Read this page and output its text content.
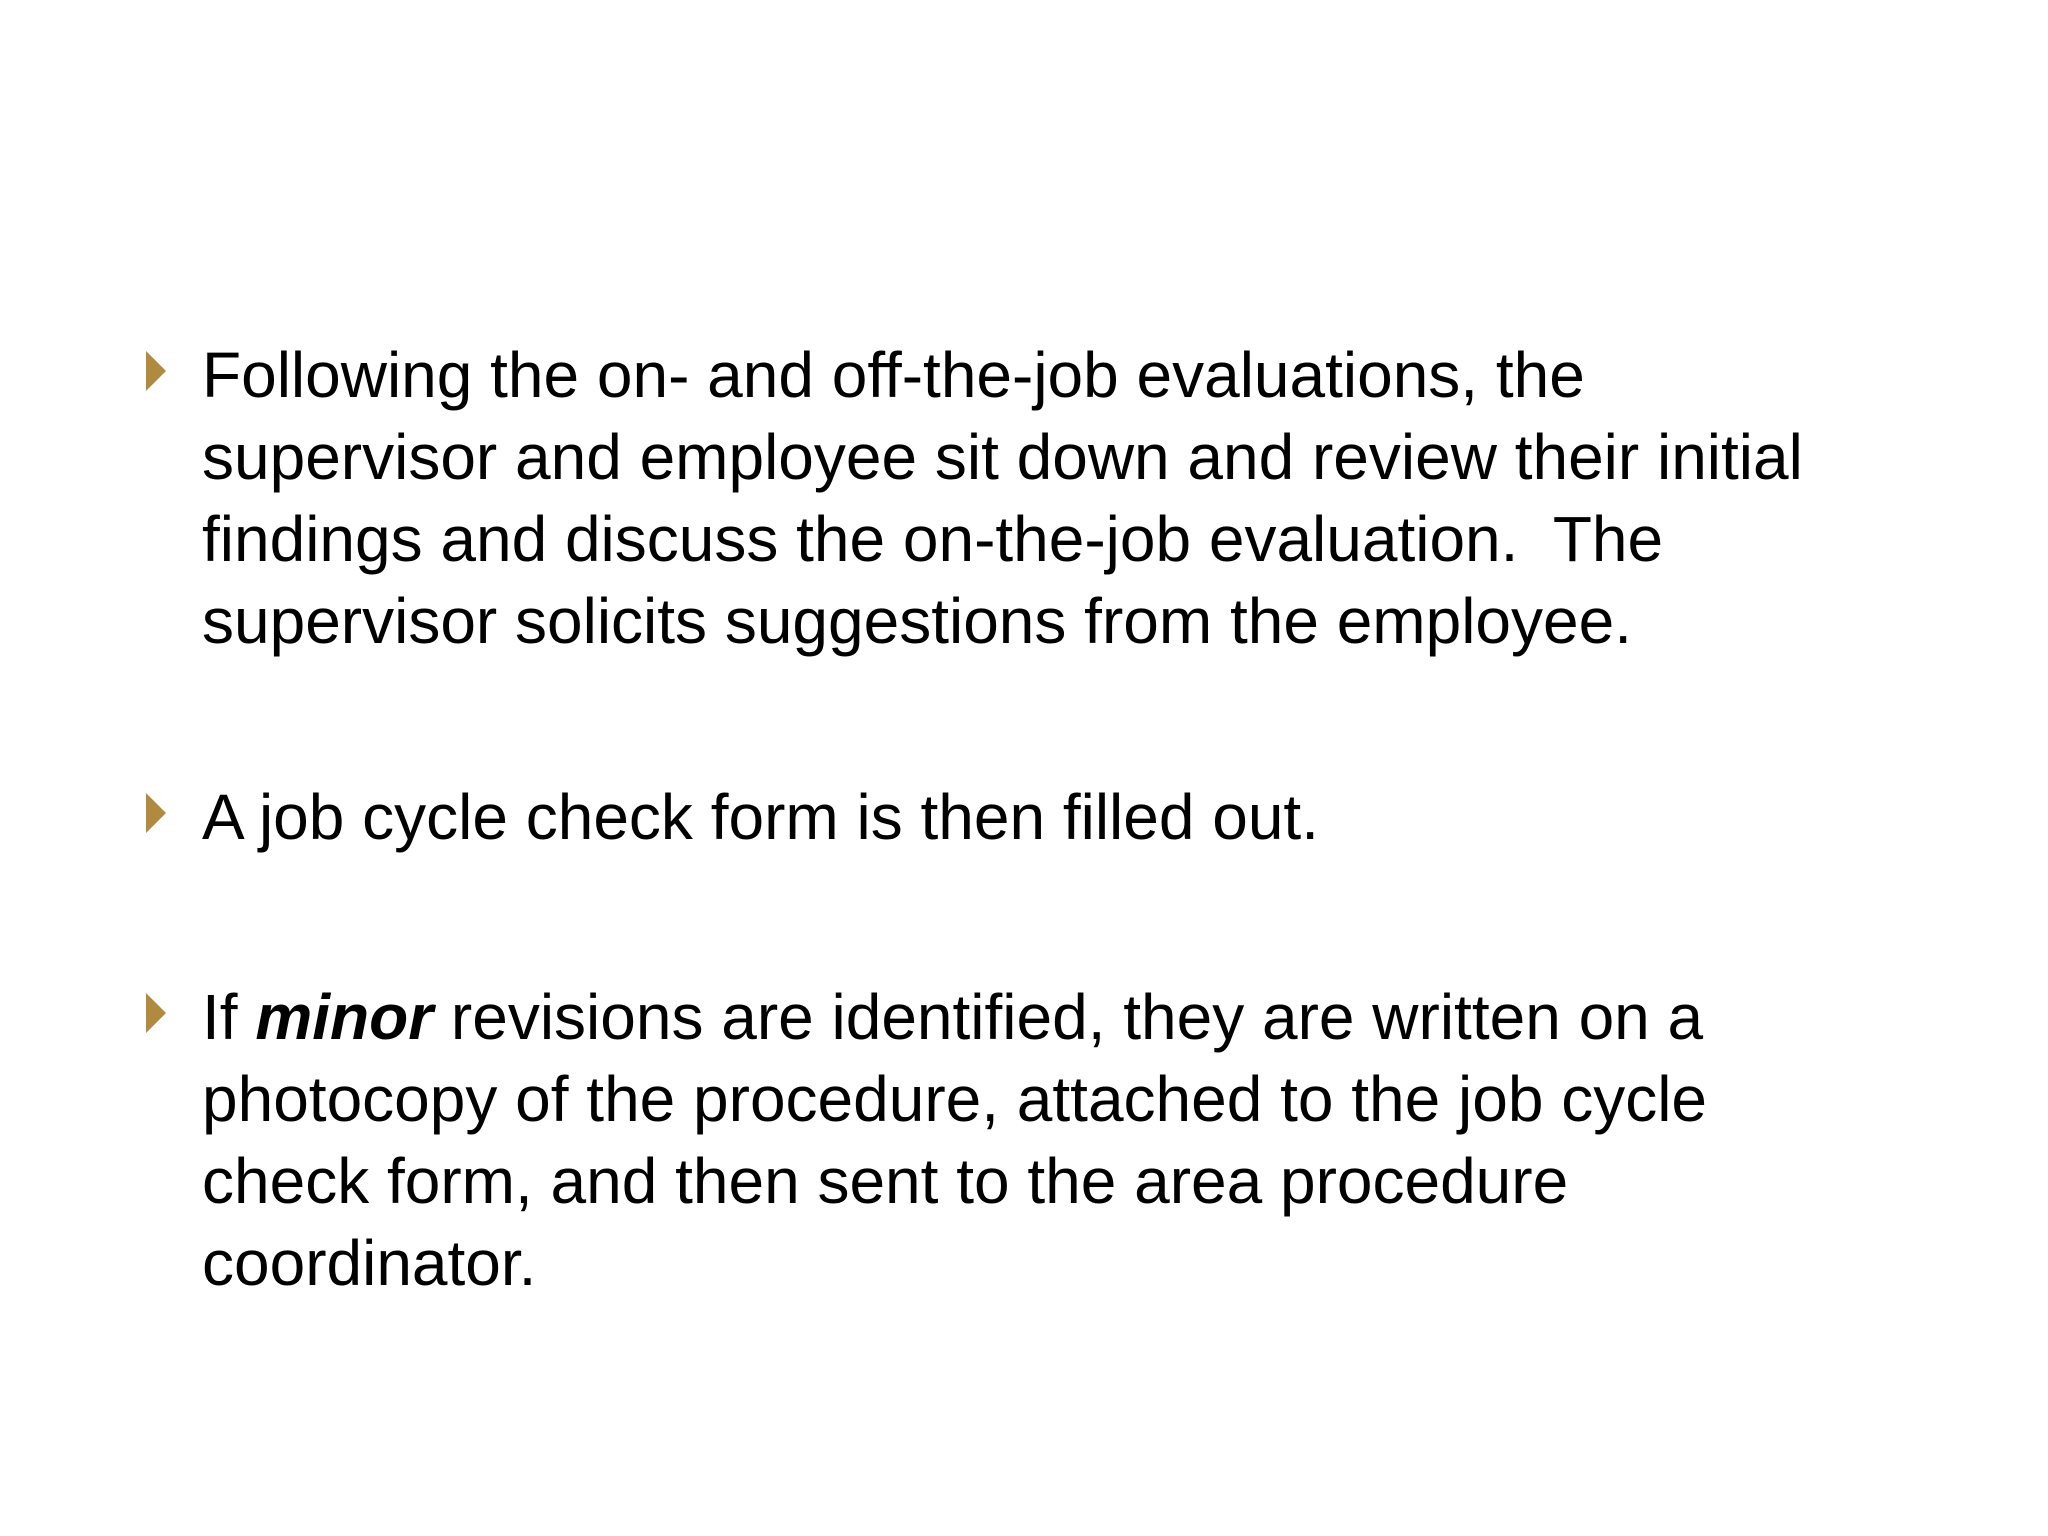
Following the on- and off-the-job evaluations, the
supervisor and employee sit down and review their initial
findings and discuss the on-the-job evaluation.  The
supervisor solicits suggestions from the employee.
A job cycle check form is then filled out.
If minor revisions are identified, they are written on a
photocopy of the procedure, attached to the job cycle
check form, and then sent to the area procedure
coordinator.
